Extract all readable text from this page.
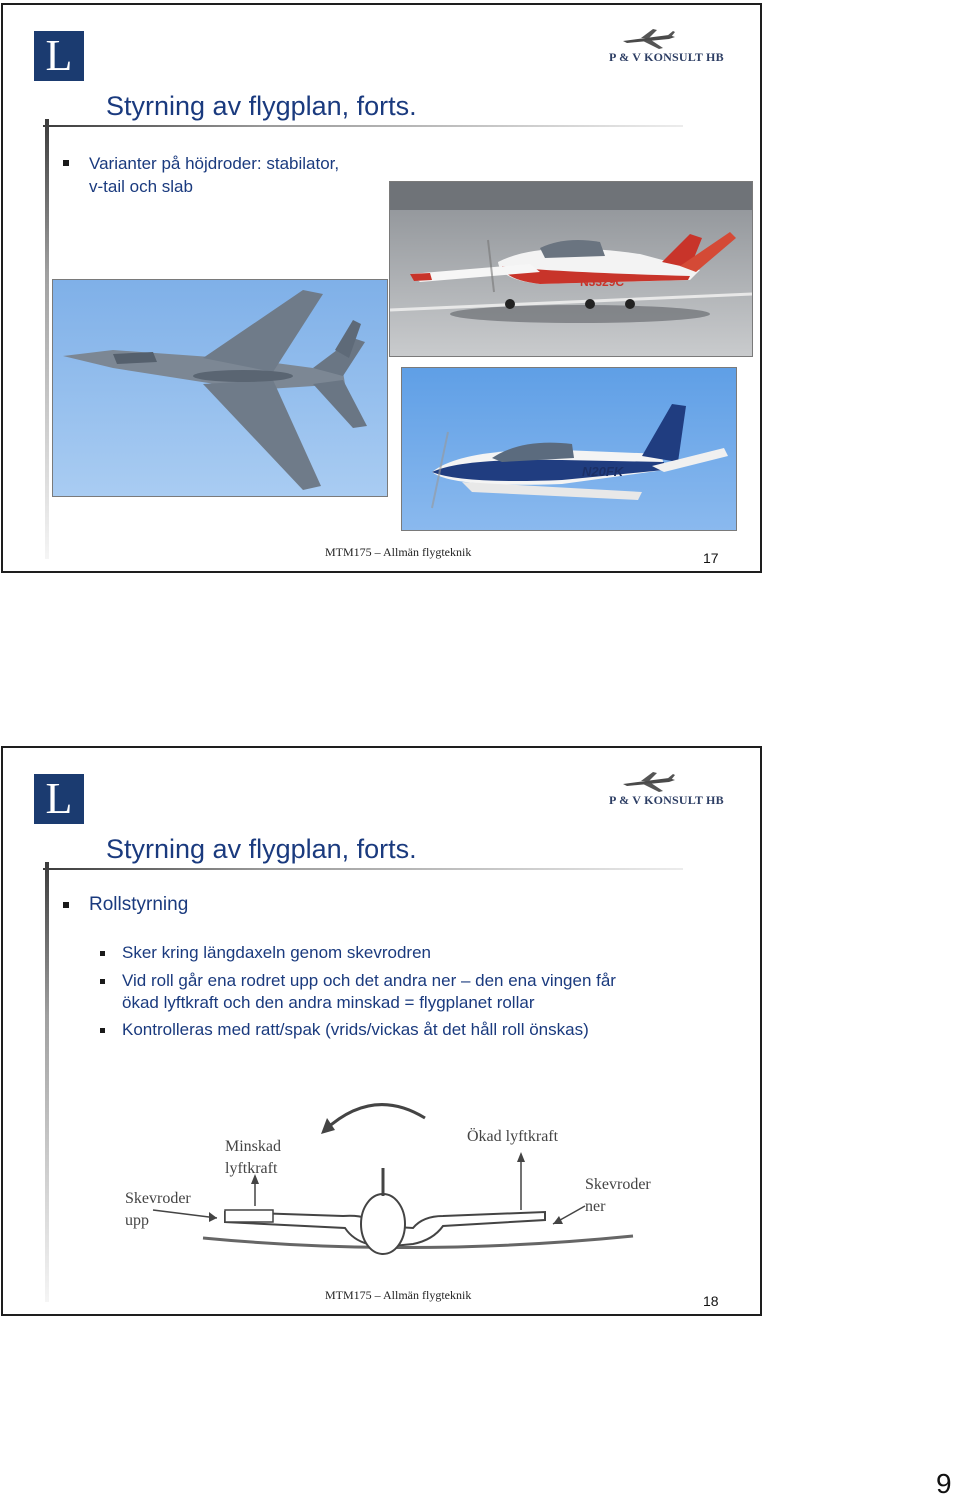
L	P & V KONSULT HB
Styrning av flygplan, forts.
Varianter på höjdroder: stabilator,
v-tail och slab
N3329C
N20FK
MTM175 – Allmän flygteknik	17
L	P & V KONSULT HB
Styrning av flygplan, forts.
Rollstyrning
Sker kring längdaxeln genom skevrodren
Vid roll går ena rodret upp och det andra ner – den ena vingen får
ökad lyftkraft och den andra minskad = flygplanet rollar
Kontrolleras med ratt/spak (vrids/vickas åt det håll roll önskas)
Skevroder
upp
Minskad
lyftkraft
Ökad lyftkraft
Skevroder
ner
MTM175 – Allmän flygteknik	18
9
